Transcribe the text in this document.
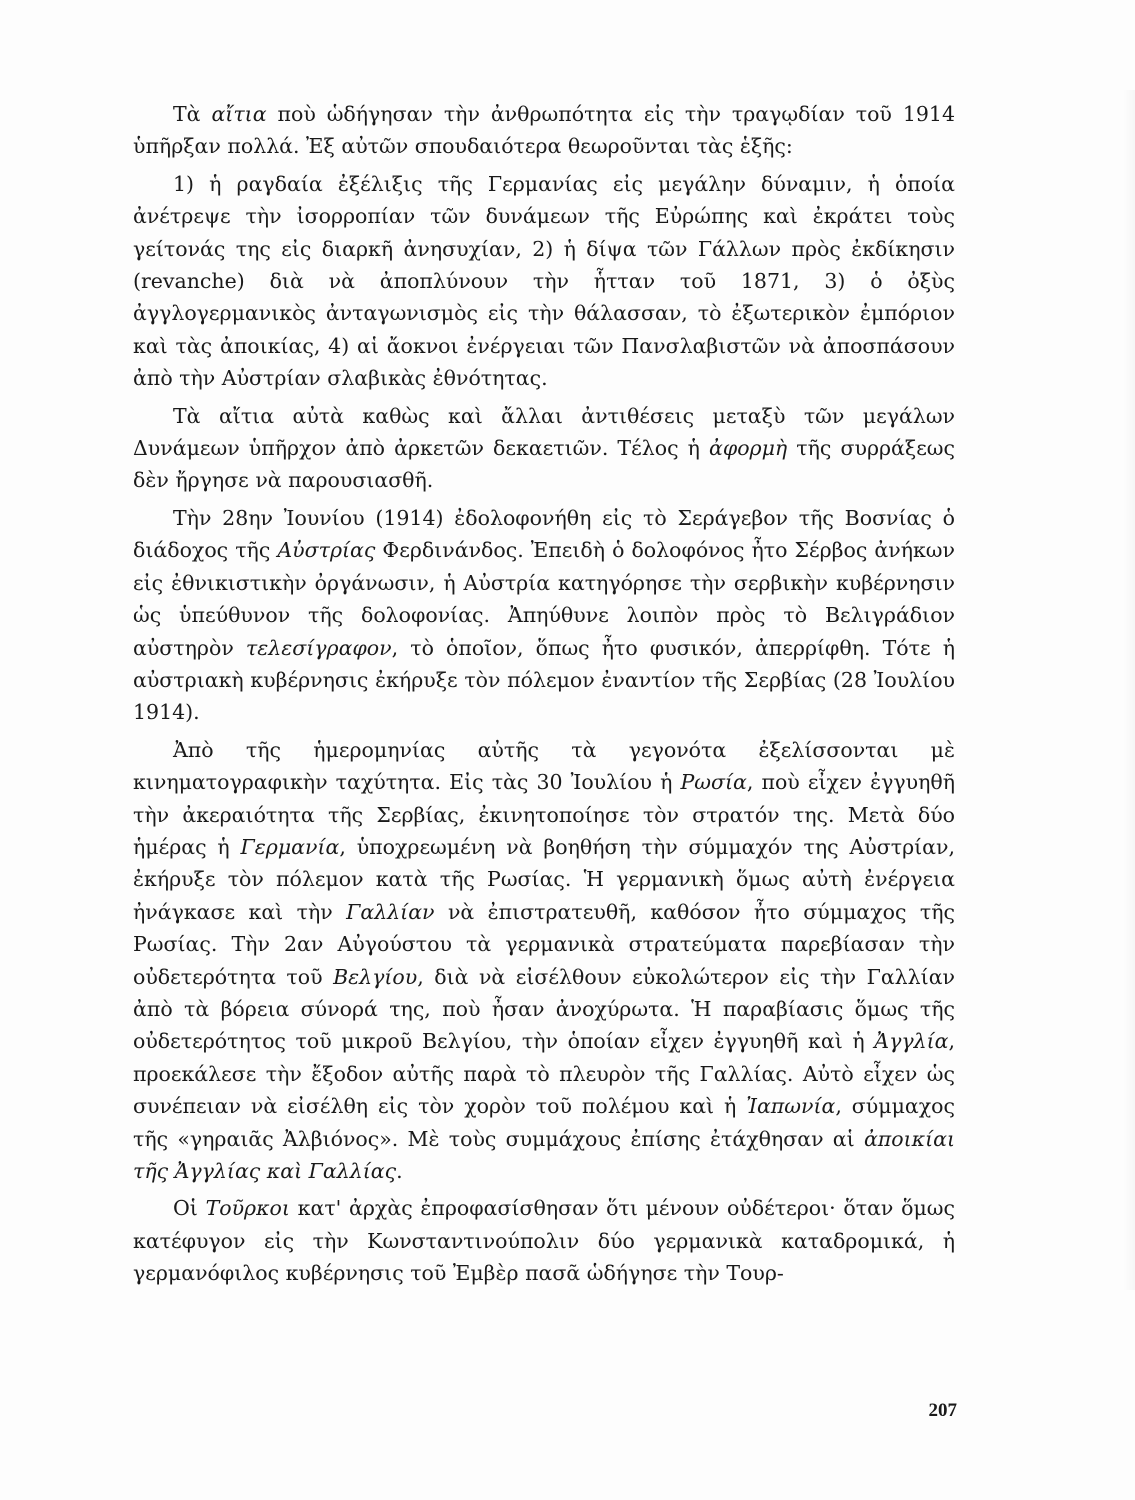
Τὰ αἴτια ποὺ ὡδήγησαν τὴν ἀνθρωπότητα εἰς τὴν τραγῳδίαν τοῦ 1914 ὑπῆρξαν πολλά. Ἐξ αὐτῶν σπουδαιότερα θεωροῦνται τὰς ἑξῆς:

1) ἡ ραγδαία ἐξέλιξις τῆς Γερμανίας εἰς μεγάλην δύναμιν, ἡ ὁποία ἀνέτρεψε τὴν ἰσορροπίαν τῶν δυνάμεων τῆς Εὐρώπης καὶ ἐκράτει τοὺς γείτονάς της εἰς διαρκῆ ἀνησυχίαν, 2) ἡ δίψα τῶν Γάλλων πρὸς ἐκδίκησιν (revanche) διὰ νὰ ἀποπλύνουν τὴν ἧτταν τοῦ 1871, 3) ὁ ὀξὺς ἀγγλογερμανικὸς ἀνταγωνισμὸς εἰς τὴν θάλασσαν, τὸ ἐξωτερικὸν ἐμπόριον καὶ τὰς ἀποικίας, 4) αἱ ἄοκνοι ἐνέργειαι τῶν Πανσλαβιστῶν νὰ ἀποσπάσουν ἀπὸ τὴν Αὐστρίαν σλαβικὰς ἐθνότητας.

Τὰ αἴτια αὐτὰ καθὼς καὶ ἄλλαι ἀντιθέσεις μεταξὺ τῶν μεγάλων Δυνάμεων ὑπῆρχον ἀπὸ ἀρκετῶν δεκαετιῶν. Τέλος ἡ ἀφορμὴ τῆς συρράξεως δὲν ἤργησε νὰ παρουσιασθῆ.

Τὴν 28ην Ἰουνίου (1914) ἐδολοφονήθη εἰς τὸ Σεράγεβον τῆς Βοσνίας ὁ διάδοχος τῆς Αὐστρίας Φερδινάνδος. Ἐπειδὴ ὁ δολοφόνος ἦτο Σέρβος ἀνήκων εἰς ἐθνικιστικὴν ὀργάνωσιν, ἡ Αὐστρία κατηγόρησε τὴν σερβικὴν κυβέρνησιν ὡς ὑπεύθυνον τῆς δολοφονίας. Ἀπηύθυνε λοιπὸν πρὸς τὸ Βελιγράδιον αὐστηρὸν τελεσίγραφον, τὸ ὁποῖον, ὅπως ἦτο φυσικόν, ἀπερρίφθη. Τότε ἡ αὐστριακὴ κυβέρνησις ἐκήρυξε τὸν πόλεμον ἐναντίον τῆς Σερβίας (28 Ἰουλίου 1914).

Ἀπὸ τῆς ἡμερομηνίας αὐτῆς τὰ γεγονότα ἐξελίσσονται μὲ κινηματογραφικὴν ταχύτητα. Εἰς τὰς 30 Ἰουλίου ἡ Ρωσία, ποὺ εἶχεν ἐγγυηθῆ τὴν ἀκεραιότητα τῆς Σερβίας, ἐκινητοποίησε τὸν στρατόν της. Μετὰ δύο ἡμέρας ἡ Γερμανία, ὑποχρεωμένη νὰ βοηθήση τὴν σύμμαχόν της Αὐστρίαν, ἐκήρυξε τὸν πόλεμον κατὰ τῆς Ρωσίας. Ἡ γερμανικὴ ὅμως αὐτὴ ἐνέργεια ἠνάγκασε καὶ τὴν Γαλλίαν νὰ ἐπιστρατευθῆ, καθόσον ἦτο σύμμαχος τῆς Ρωσίας. Τὴν 2αν Αὐγούστου τὰ γερμανικὰ στρατεύματα παρεβίασαν τὴν οὐδετερότητα τοῦ Βελγίου, διὰ νὰ εἰσέλθουν εὐκολώτερον εἰς τὴν Γαλλίαν ἀπὸ τὰ βόρεια σύνορά της, ποὺ ἦσαν ἀνοχύρωτα. Ἡ παραβίασις ὅμως τῆς οὐδετερότητος τοῦ μικροῦ Βελγίου, τὴν ὁποίαν εἶχεν ἐγγυηθῆ καὶ ἡ Ἀγγλία, προεκάλεσε τὴν ἔξοδον αὐτῆς παρὰ τὸ πλευρὸν τῆς Γαλλίας. Αὐτὸ εἶχεν ὡς συνέπειαν νὰ εἰσέλθη εἰς τὸν χορὸν τοῦ πολέμου καὶ ἡ Ἰαπωνία, σύμμαχος τῆς «γηραιᾶς Ἀλβιόνος». Μὲ τοὺς συμμάχους ἐπίσης ἐτάχθησαν αἱ ἀποικίαι τῆς Ἀγγλίας καὶ Γαλλίας.

Οἱ Τοῦρκοι κατ' ἀρχὰς ἐπροφασίσθησαν ὅτι μένουν οὐδέτεροι· ὅταν ὅμως κατέφυγον εἰς τὴν Κωνσταντινούπολιν δύο γερμανικὰ καταδρομικά, ἡ γερμανόφιλος κυβέρνησις τοῦ Ἐμβὲρ πασᾶ ὡδήγησε τὴν Τουρ-

207
